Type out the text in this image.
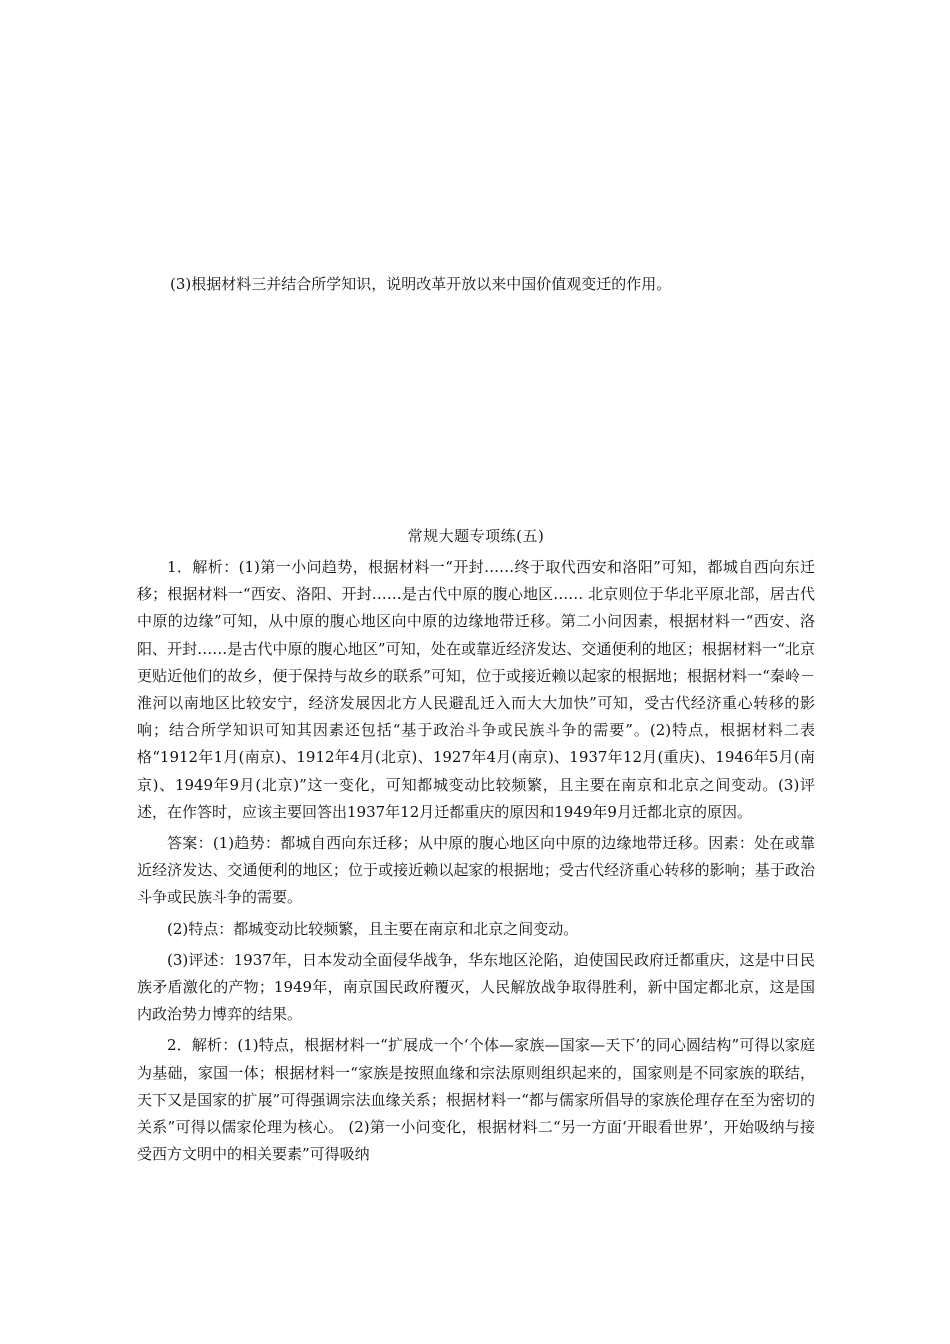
(3)根据材料三并结合所学知识，说明改革开放以来中国价值观变迁的作用。
常规大题专项练(五)

1．解析：(1)第一小问趋势，根据材料一“开封……终于取代西安和洛阳”可知，都城自西向东迁移；根据材料一“西安、洛阳、开封……是古代中原的腹心地区…… 北京则位于华北平原北部，居古代中原的边缘”可知，从中原的腹心地区向中原的边缘地带迁移。第二小问因素，根据材料一“西安、洛阳、开封……是古代中原的腹心地区”可知，处在或靠近经济发达、交通便利的地区；根据材料一“北京更贴近他们的故乡，便于保持与故乡的联系”可知，位于或接近赖以起家的根据地；根据材料一“秦岭－淮河以南地区比较安宁，经济发展因北方人民避乱迁入而大大加快”可知，受古代经济重心转移的影响；结合所学知识可知其因素还包括“基于政治斗争或民族斗争的需要”。(2)特点，根据材料二表格“1912年1月(南京)、1912年4月(北京)、1927年4月(南京)、1937年12月(重庆)、1946年5月(南京)、1949年9月(北京)”这一变化，可知都城变动比较频繁，且主要在南京和北京之间变动。(3)评述，在作答时，应该主要回答出1937年12月迁都重庆的原因和1949年9月迁都北京的原因。

答案：(1)趋势：都城自西向东迁移；从中原的腹心地区向中原的边缘地带迁移。因素：处在或靠近经济发达、交通便利的地区；位于或接近赖以起家的根据地；受古代经济重心转移的影响；基于政治斗争或民族斗争的需要。

(2)特点：都城变动比较频繁，且主要在南京和北京之间变动。

(3)评述：1937年，日本发动全面侵华战争，华东地区沦陷，迫使国民政府迁都重庆，这是中日民族矛盾激化的产物；1949年，南京国民政府覆灭，人民解放战争取得胜利，新中国定都北京，这是国内政治势力博弈的结果。

2．解析：(1)特点，根据材料一“扩展成一个‘个体—家族—国家—天下’的同心圆结构”可得以家庭为基础，家国一体；根据材料一“家族是按照血缘和宗法原则组织起来的，国家则是不同家族的联结，天下又是国家的扩展”可得强调宗法血缘关系；根据材料一“都与儒家所倡导的家族伦理存在至为密切的关系”可得以儒家伦理为核心。 (2)第一小问变化，根据材料二“另一方面‘开眼看世界’，开始吸纳与接受西方文明中的相关要素”可得吸纳
